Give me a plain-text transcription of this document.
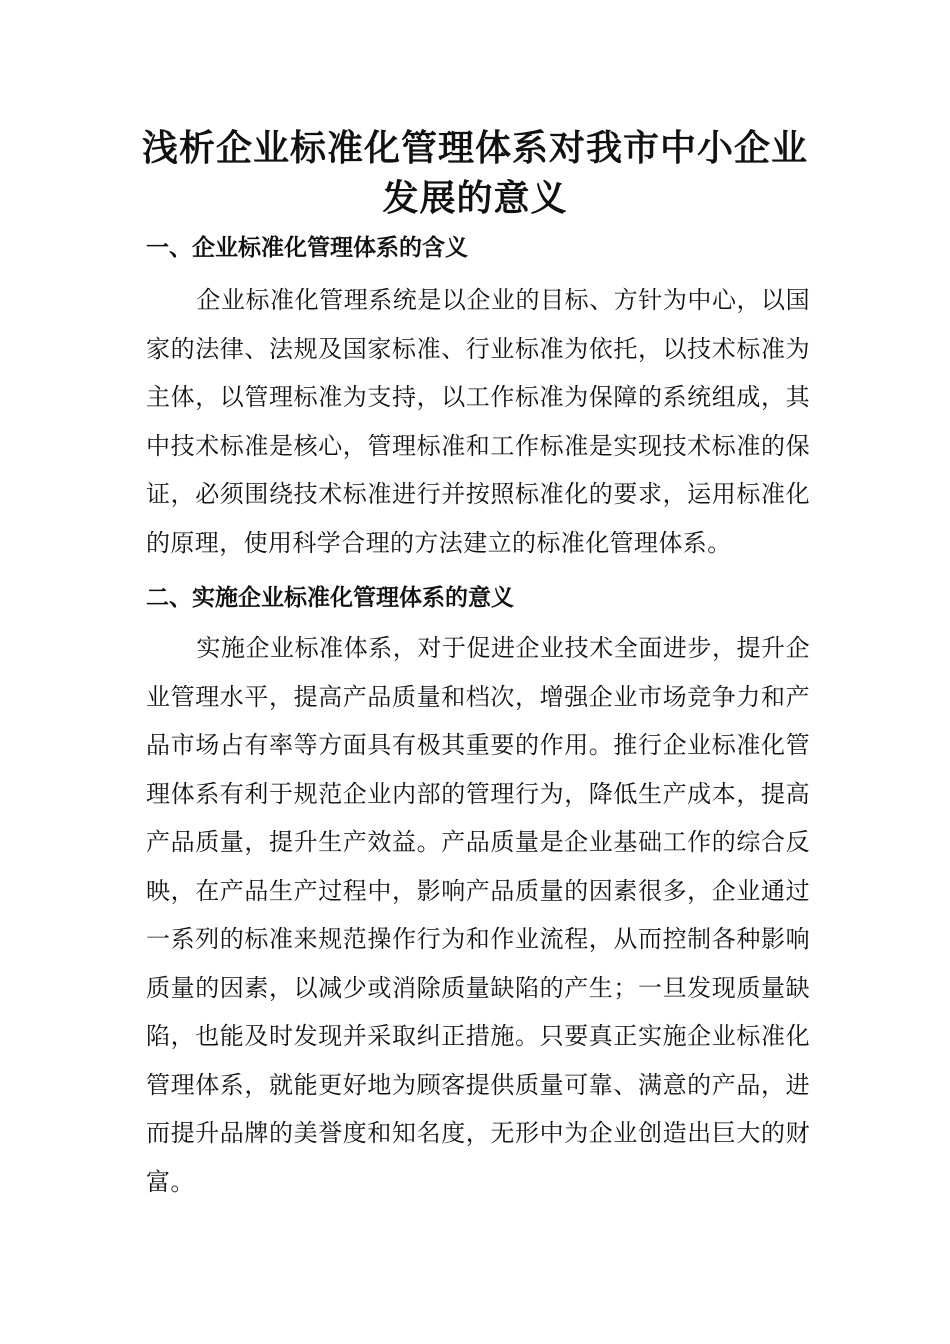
浅析企业标准化管理体系对我市中小企业
发展的意义
一、企业标准化管理体系的含义

企业标准化管理系统是以企业的目标、方针为中心，以国家的法律、法规及国家标准、行业标准为依托，以技术标准为主体，以管理标准为支持，以工作标准为保障的系统组成，其中技术标准是核心，管理标准和工作标准是实现技术标准的保证，必须围绕技术标准进行并按照标准化的要求，运用标准化的原理，使用科学合理的方法建立的标准化管理体系。

二、实施企业标准化管理体系的意义

实施企业标准体系，对于促进企业技术全面进步，提升企业管理水平，提高产品质量和档次，增强企业市场竞争力和产品市场占有率等方面具有极其重要的作用。推行企业标准化管理体系有利于规范企业内部的管理行为，降低生产成本，提高产品质量，提升生产效益。产品质量是企业基础工作的综合反映，在产品生产过程中，影响产品质量的因素很多，企业通过一系列的标准来规范操作行为和作业流程，从而控制各种影响质量的因素，以减少或消除质量缺陷的产生；一旦发现质量缺陷，也能及时发现并采取纠正措施。只要真正实施企业标准化管理体系，就能更好地为顾客提供质量可靠、满意的产品，进而提升品牌的美誉度和知名度，无形中为企业创造出巨大的财富。
